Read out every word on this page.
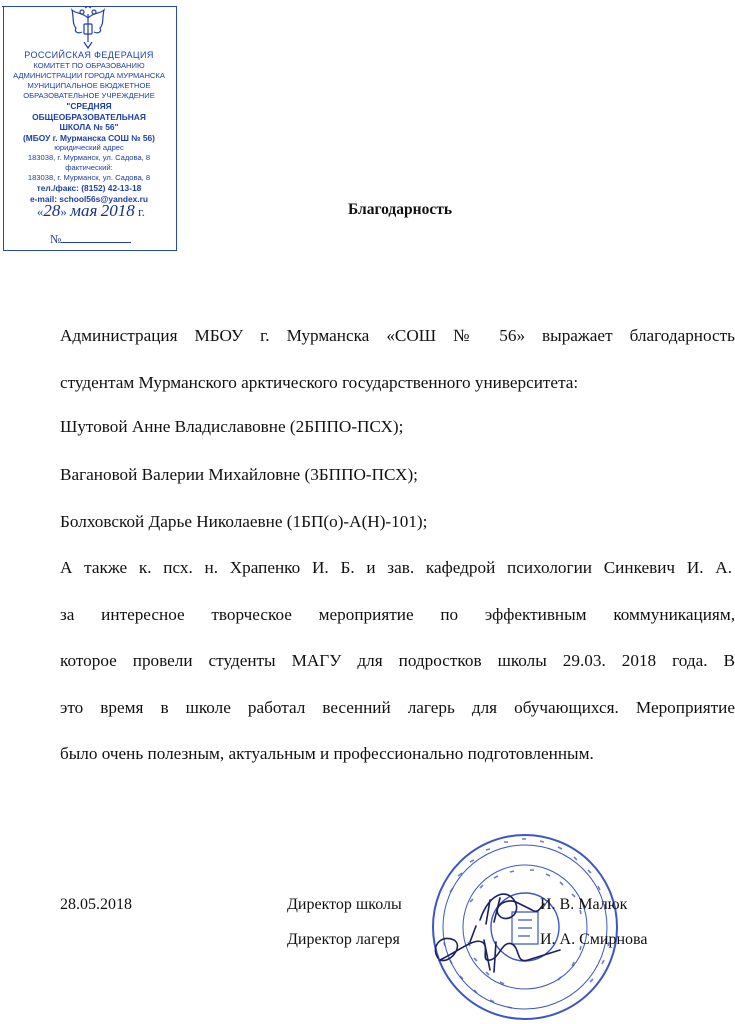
РОССИЙСКАЯ ФЕДЕРАЦИЯ
КОМИТЕТ ПО ОБРАЗОВАНИЮ
АДМИНИСТРАЦИИ ГОРОДА МУРМАНСКА
МУНИЦИПАЛЬНОЕ БЮДЖЕТНОЕ
ОБРАЗОВАТЕЛЬНОЕ УЧРЕЖДЕНИЕ
"СРЕДНЯЯ
ОБЩЕОБРАЗОВАТЕЛЬНАЯ
ШКОЛА № 56"
(МБОУ г. Мурманска СОШ № 56)
юридический адрес
183038, г. Мурманск, ул. Садова, 8
фактический:
183038, г. Мурманск, ул. Садова, 8
тел./факс: (8152) 42-13-18
e-mail: school56s@yandex.ru
«28» мая 2018 г.
№
Благодарность
Администрация МБОУ г. Мурманска «СОШ № 56» выражает благодарность
студентам Мурманского арктического государственного университета:
Шутовой Анне Владиславовне (2БППО-ПСХ);
Вагановой Валерии Михайловне (3БППО-ПСХ);
Болховской Дарье Николаевне (1БП(о)-А(Н)-101);
А также к. псх. н. Храпенко И. Б. и зав. кафедрой психологии Синкевич И. А.
за интересное творческое мероприятие по эффективным коммуникациям,
которое провели студенты МАГУ для подростков школы 29.03. 2018 года. В
это время в школе работал весенний лагерь для обучающихся. Мероприятие
было очень полезным, актуальным и профессионально подготовленным.
28.05.2018	Директор школы	И. В. Малюк
Директор лагеря	И. А. Смирнова
